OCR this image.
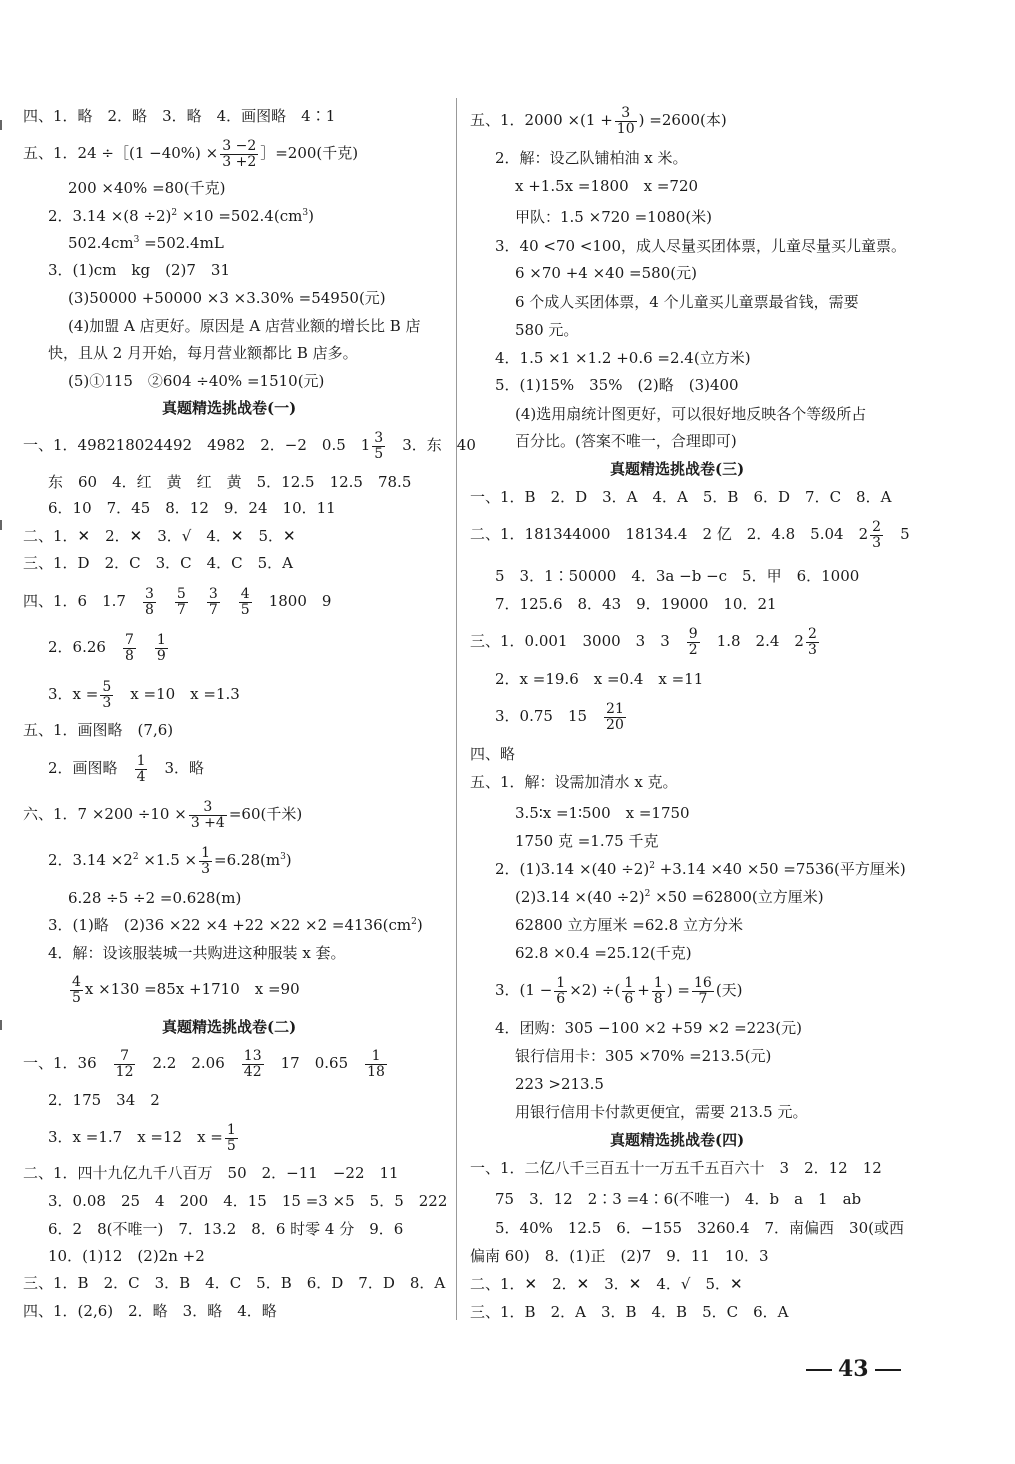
四、1．略　2．略　3．略　4．画图略　4∶1
五、1．24 ÷［(1 $-40\%) \times \frac{3 -2}{3 +2}$ ］=200(千克)
200 ×40% =80(千克)
2．$3.14 \times(8 \div 2)^2 \times 10 =502.4(cm^3)$
$502.4cm^3 =502.4mL$
3．(1)cm　kg　(2)7　31
(3)50000 +50000 ×3 ×3.30% =54950(元)
(4)加盟 A 店更好。原因是 A 店营业额的增长比 B 店
快，且从 2 月开始，每月营业额都比 B 店多。
(5)①115　②604 ÷40% =1510(元)
真题精选挑战卷(一)
一、1．498218024492　4982　2．−2　0.5　$1 \frac{3}{5}$
　 3．东　40
东　60　4．红　黄　红　黄　5．12.5　12.5　78.5
6．10　7．45　8．12　9．24　10．11
二、1．✕　2．✕　3．√　4．✕　5．✕
三、1．D　2．C　3．C　4．C　5．A
四、1．6　1.7　 $\frac{3}{8}$
　 $\frac{5}{7}$
　 $\frac{3}{7}$
　 $\frac{4}{5}$
　 1800　9
2．6.26　 $\frac{7}{8}$
　 $\frac{1}{9}$
3．$x = \frac{5}{3}$
　 x =10　x =1.3
五、1．画图略　(7,6)
2．画图略　 $\frac{1}{4}$
　 3．略
六、1．$7 \times 200 \div 10 \times \frac{3}{3 +4} =60$(千米)
2．$3.14 \times 2^2 \times 1.5 \times \frac{1}{3} =6.28(m^3)$
6.28 ÷5 ÷2 =0.628(m)
3．(1)略　$(2)36 \times 22 \times 4 +22 \times 22 \times 2 =4136(cm^2)$
4．解：设该服装城一共购进这种服装 x 套。
$\frac{4}{5}$ x ×130 =85x +1710　x =90
真题精选挑战卷(二)
一、1．36　 $\frac{7}{12}$
　 2.2　2.06　 $\frac{13}{42}$
　 17　0.65　 $\frac{1}{18}$
2．175　34　2
3．x =1.7　x =12　$x = \frac{1}{5}$
二、1．四十九亿九千八百万　50　2．−11　−22　11
3．0.08　25　4　200　4．15　15 =3 ×5　5．5　222
6．2　8(不唯一)　7．13.2　8．6 时零 4 分　9．6
10．(1)12　(2)2n +2
三、1．B　2．C　3．B　4．C　5．B　6．D　7．D　8．A
四、1．(2,6)　2．略　3．略　4．略
五、1．$2000 \times(1 + \frac{3}{10}$ ) =2600(本)
2．解：设乙队铺柏油 x 米。
x +1.5x =1800　x =720
甲队：1.5 ×720 =1080(米)
3．40 <70 <100，成人尽量买团体票，儿童尽量买儿童票。
6 ×70 +4 ×40 =580(元)
6 个成人买团体票，4 个儿童买儿童票最省钱，需要
580 元。
4．1.5 ×1 ×1.2 +0.6 =2.4(立方米)
5．(1)15%　35%　(2)略　(3)400
(4)选用扇统计图更好，可以很好地反映各个等级所占
百分比。(答案不唯一，合理即可)
真题精选挑战卷(三)
一、1．B　2．D　3．A　4．A　5．B　6．D　7．C　8．A
二、1．181344000　18134.4　2 亿　2．4.8　5.04　$2 \frac{2}{3}$
　 5
5　3．1∶50000　4．3a −b −c　5．甲　6．1000
7．125.6　8．43　9．19000　10．21
三、1．0.001　3000　3　3　 $\frac{9}{2}$
　 1.8　2.4　$2 \frac{2}{3}$
2．x =19.6　x =0.4　x =11
3．0.75　15　 $\frac{21}{20}$
四、略
五、1．解：设需加清水 x 克。
3.5∶x =1∶500　x =1750
1750 克 =1.75 千克
2．$(1)3.14 \times(40 \div 2)^2 +3.14 \times 40 \times 50 =7536$(平方厘米)
$(2)3.14 \times(40 \div 2)^2 \times 50 =62800$(立方厘米)
62800 立方厘米 =62.8 立方分米
62.8 ×0.4 =25.12(千克)
3．$(1 - \frac{1}{6} \times 2)$ ÷( $\frac{1}{6} + \frac{1}{8}$ ) = $\frac{16}{7}$ (天)
4．团购：305 −100 ×2 +59 ×2 =223(元)
银行信用卡：305 ×70% =213.5(元)
223 >213.5
用银行信用卡付款更便宜，需要 213.5 元。
真题精选挑战卷(四)
一、1．二亿八千三百五十一万五千五百六十　3　2．12　12
75　3．12　2∶3 =4∶6(不唯一)　4．b　a　1　ab
5．40%　12.5　6．−155　3260.4　7．南偏西　30(或西
偏南 60)　8．(1)正　(2)7　9．11　10．3
二、1．✕　2．✕　3．✕　4．√　5．✕
三、1．B　2．A　3．B　4．B　5．C　6．A
43
